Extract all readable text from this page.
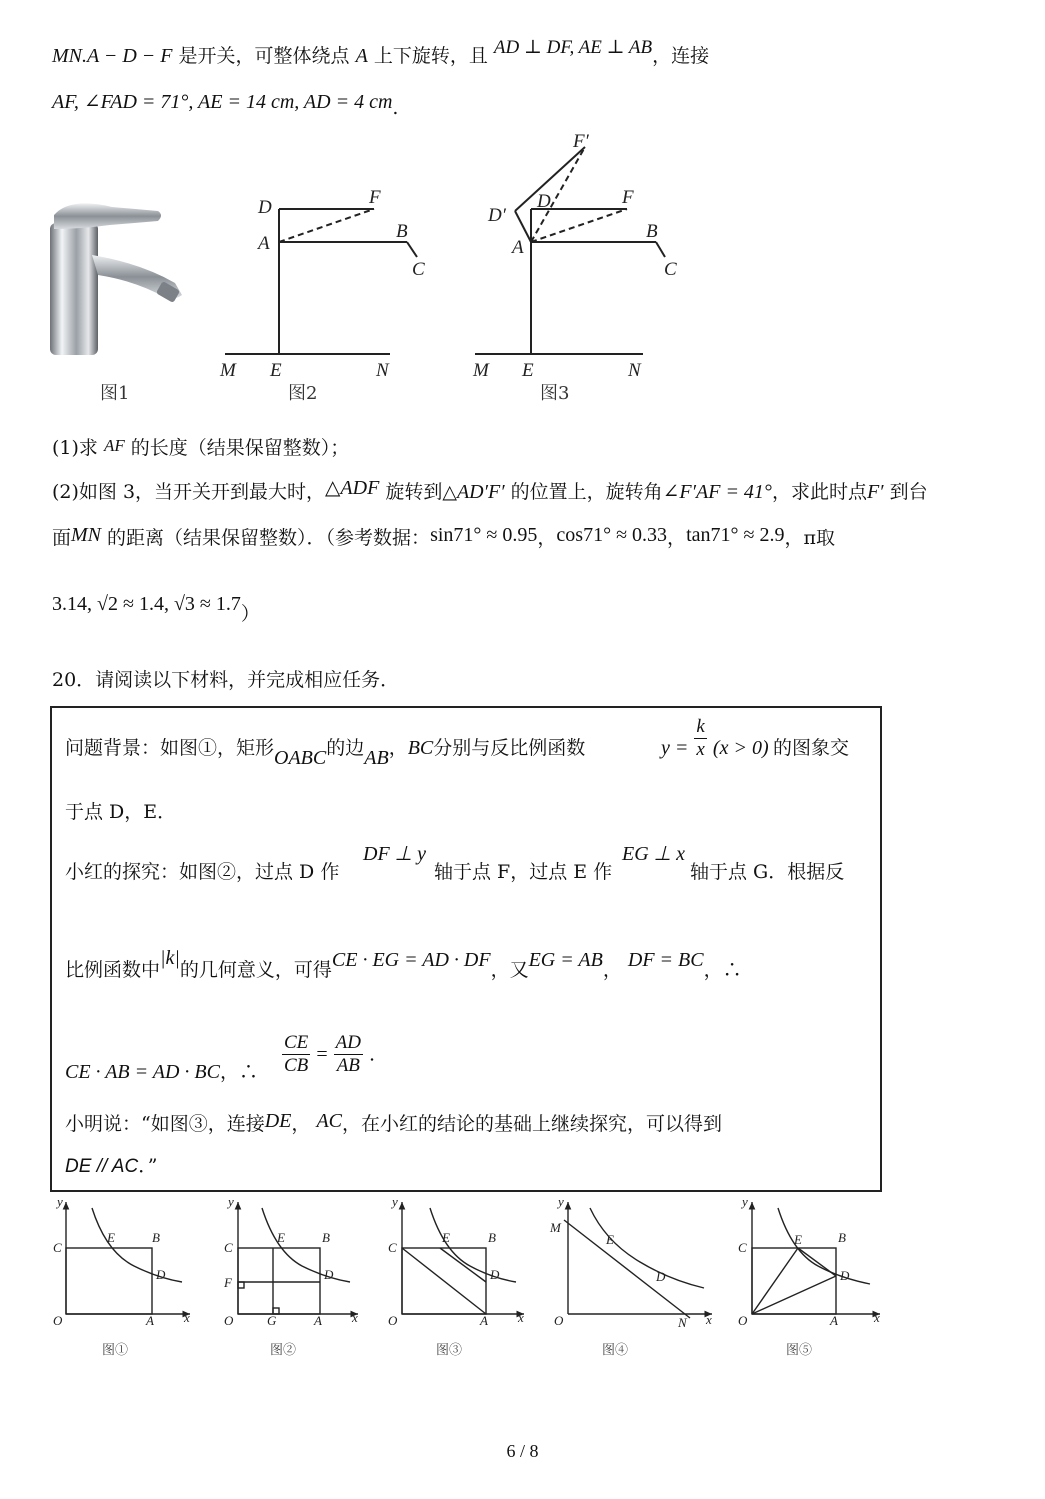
MN.A − D − F 是开关，可整体绕点 A 上下旋转，且 AD ⊥ DF, AE ⊥ AB，连接
AF, ∠FAD = 71°, AE = 14 cm, AD = 4 cm.
图1
D	F
A
B
C
M E	N
图2
D′
D
F′
F
A
B
C
M E	N
图3
(1)求 AF 的长度（结果保留整数）；
(2)如图 3，当开关开到最大时，△ADF 旋转到△AD′F′ 的位置上，旋转角∠F′AF = 41°，求此时点F′ 到台
面MN 的距离（结果保留整数）．（参考数据：sin71° ≈ 0.95，cos71° ≈ 0.33，tan71° ≈ 2.9，π取
3.14, √2 ≈ 1.4, √3 ≈ 1.7）
20．请阅读以下材料，并完成相应任务．
问题背景：如图①，矩形OABC的边AB，BC分别与反比例函数	$y = \frac{k}{x} (x > 0)$ 的图象交
于点 D，E．
小红的探究：如图②，过点 D 作
DF ⊥ y
轴于点 F，过点 E 作
EG ⊥ x
轴于点 G．根据反
比例函数中|k|的几何意义，可得CE · EG = AD · DF，又EG = AB， DF = BC，∴
CE · AB = AD · BC，∴ $\frac{CE}{CB} = \frac{AD}{AB}$ .
小明说：“如图③，连接DE， AC，在小红的结论的基础上继续探究，可以得到
DE // AC．”
y
x
O
C
E	B
D
A
图①
y
x
O
C
F
E	B
D
G	A
图②
y
x
O
C
E	B
D
A
图③
y
x
O
M
E
D
N
图④
y
x
O
C
E	B
D
A
图⑤
6 / 8
